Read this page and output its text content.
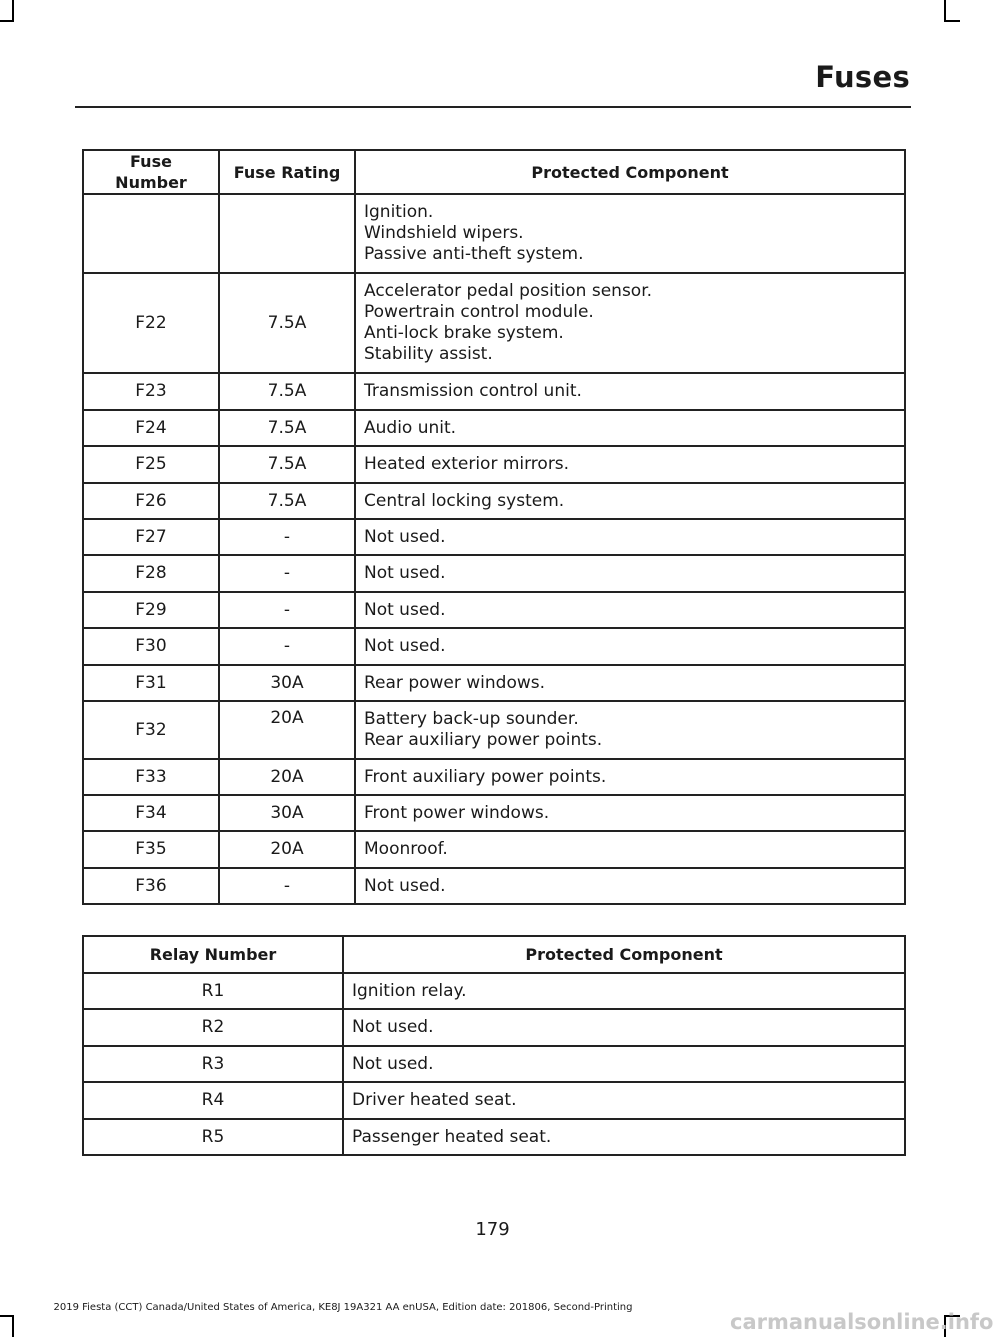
Fuses
Fuse Number	Fuse Rating	Protected Component

		Ignition.
Windshield wipers.
Passive anti-theft system.

F22	7.5A	Accelerator pedal position sensor.
Powertrain control module.
Anti-lock brake system.
Stability assist.

F23	7.5A	Transmission control unit.

F24	7.5A	Audio unit.

F25	7.5A	Heated exterior mirrors.

F26	7.5A	Central locking system.

F27	-	Not used.

F28	-	Not used.

F29	-	Not used.

F30	-	Not used.

F31	30A	Rear power windows.

F32	20A	Battery back-up sounder.
Rear auxiliary power points.

F33	20A	Front auxiliary power points.

F34	30A	Front power windows.

F35	20A	Moonroof.

F36	-	Not used.
Relay Number	Protected Component
R1	Ignition relay.
R2	Not used.
R3	Not used.
R4	Driver heated seat.
R5	Passenger heated seat.
179
2019 Fiesta (CCT) Canada/United States of America, KE8J 19A321 AA enUSA, Edition date: 201806, Second-Printing
carmanualsonline.info
